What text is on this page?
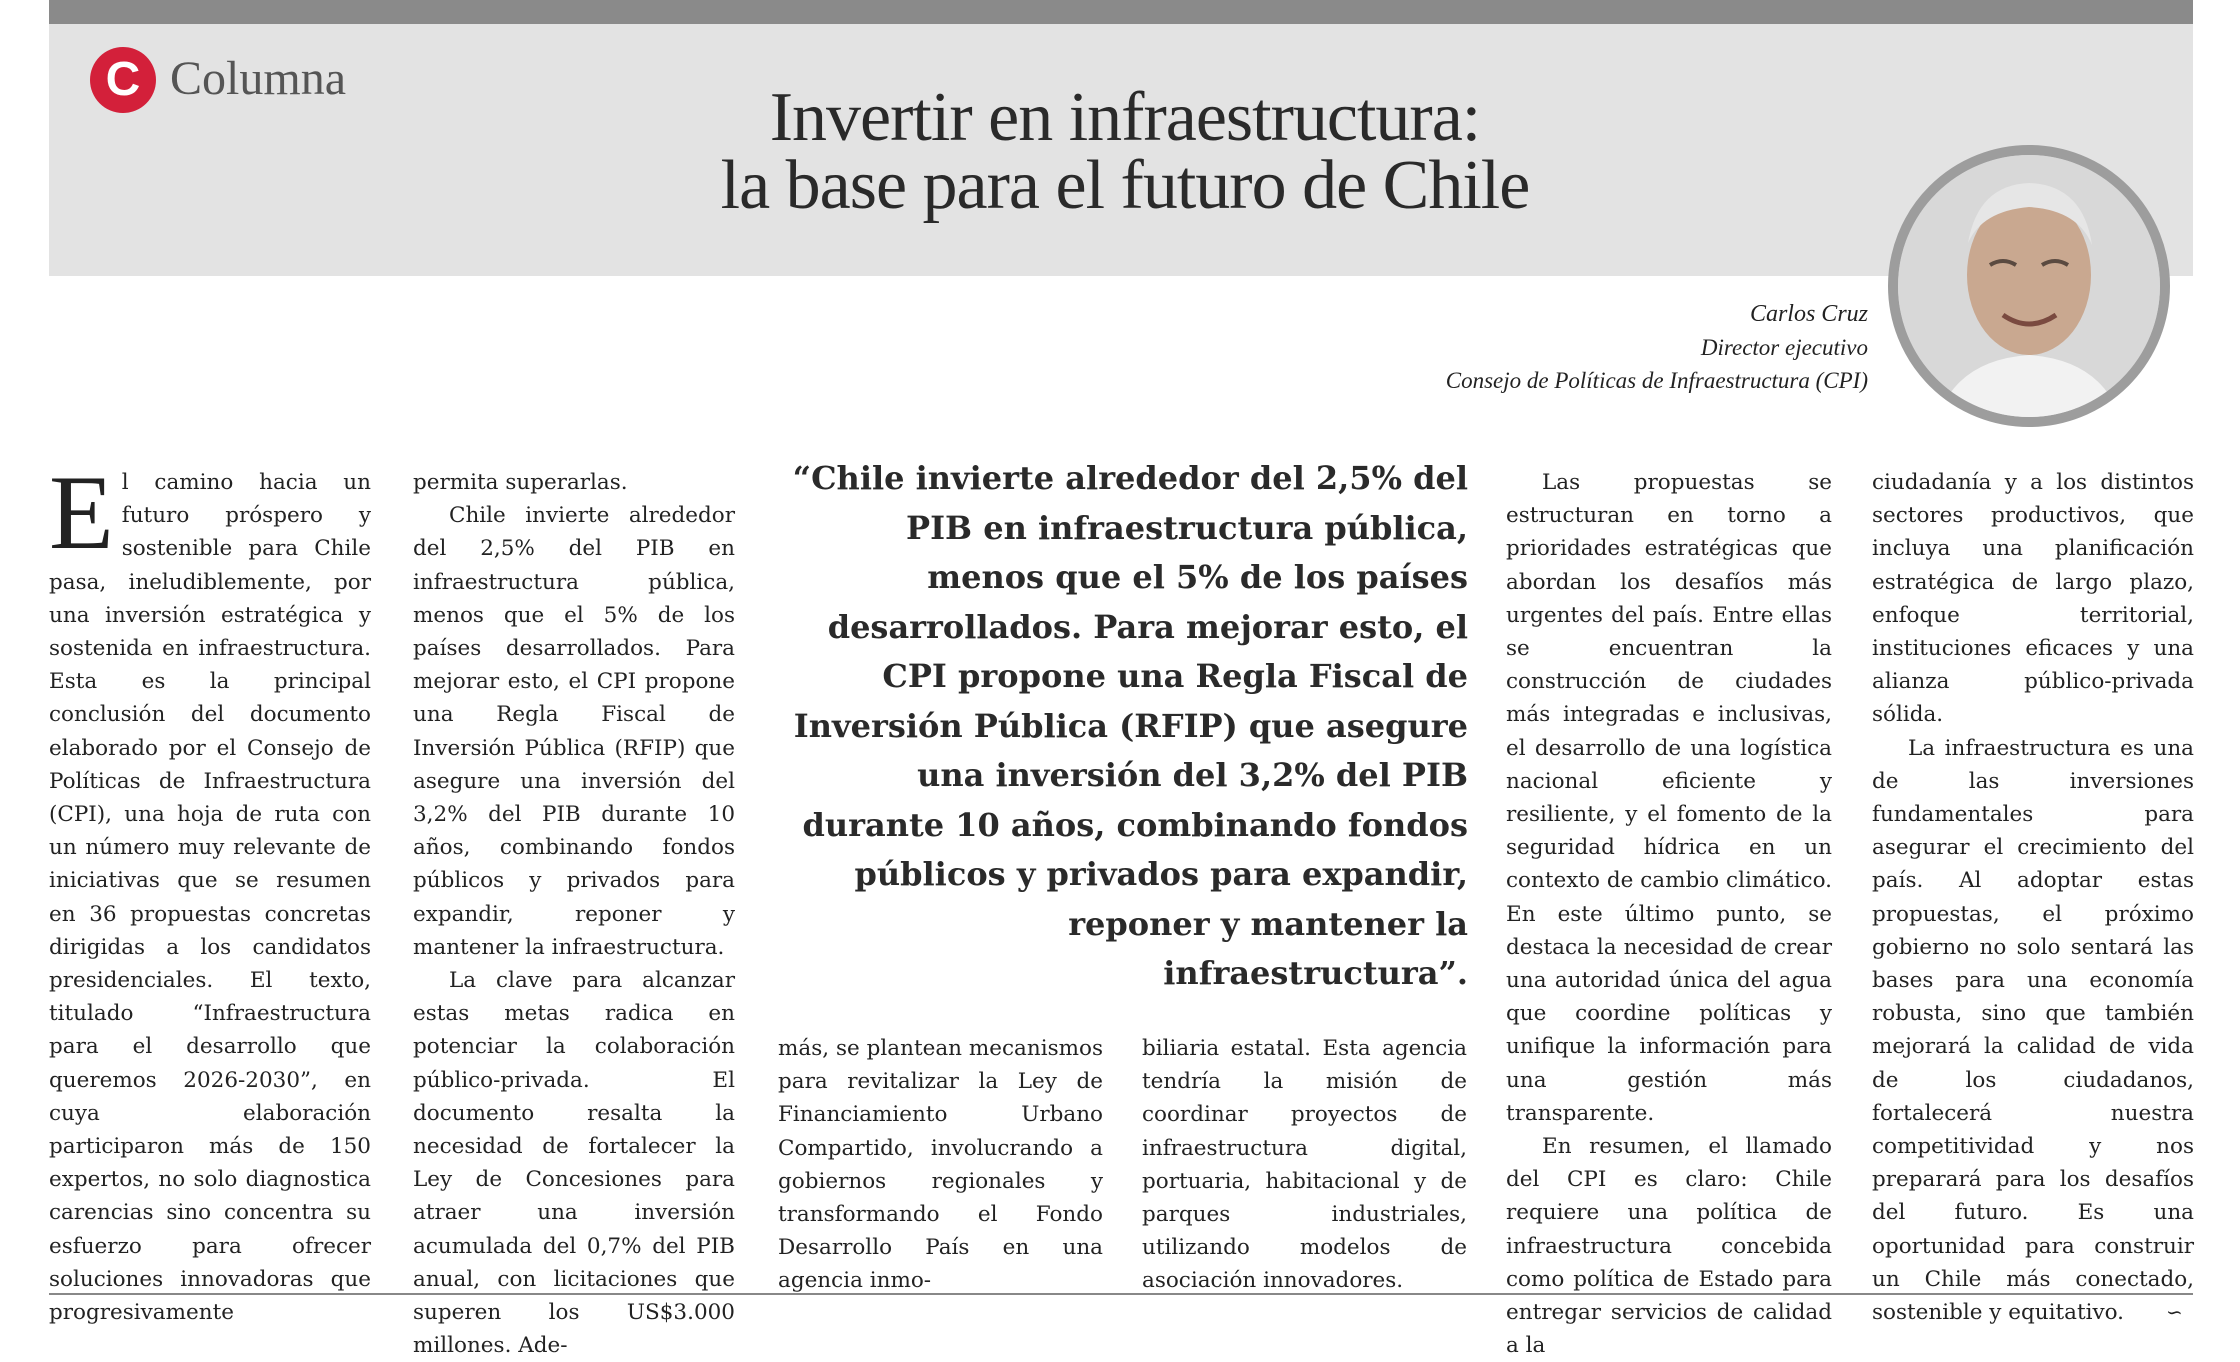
C Columna
Invertir en infraestructura:
la base para el futuro de Chile
Carlos Cruz
Director ejecutivo
Consejo de Políticas de Infraestructura (CPI)

El camino hacia un futuro próspero y sostenible para Chile pasa, ineludiblemente, por una inversión estratégica y sostenida en infraestructura. Esta es la principal conclusión del documento elaborado por el Consejo de Políticas de Infraestructura (CPI), una hoja de ruta con un número muy relevante de iniciativas que se resumen en 36 propuestas concretas dirigidas a los candidatos presidenciales. El texto, titulado “Infraestructura para el desarrollo que queremos 2026-2030”, en cuya elaboración participaron más de 150 expertos, no solo diagnostica carencias sino concentra su esfuerzo para ofrecer soluciones innovadoras que progresivamente

permita superarlas.

Chile invierte alrededor del 2,5% del PIB en infraestructura pública, menos que el 5% de los países desarrollados. Para mejorar esto, el CPI propone una Regla Fiscal de Inversión Pública (RFIP) que asegure una inversión del 3,2% del PIB durante 10 años, combinando fondos públicos y privados para expandir, reponer y mantener la infraestructura.

La clave para alcanzar estas metas radica en potenciar la colaboración público-privada. El documento resalta la necesidad de fortalecer la Ley de Concesiones para atraer una inversión acumulada del 0,7% del PIB anual, con licitaciones que superen los US$3.000 millones. Ade-

“Chile invierte alrededor del 2,5% del PIB en infraestructura pública, menos que el 5% de los países desarrollados. Para mejorar esto, el CPI propone una Regla Fiscal de Inversión Pública (RFIP) que asegure una inversión del 3,2% del PIB durante 10 años, combinando fondos públicos y privados para expandir, reponer y mantener la infraestructura”.

más, se plantean mecanismos para revitalizar la Ley de Financiamiento Urbano Compartido, involucrando a gobiernos regionales y transformando el Fondo Desarrollo País en una agencia inmo-

biliaria estatal. Esta agencia tendría la misión de coordinar proyectos de infraestructura digital, portuaria, habitacional y de parques industriales, utilizando modelos de asociación innovadores.

Las propuestas se estructuran en torno a prioridades estratégicas que abordan los desafíos más urgentes del país. Entre ellas se encuentran la construcción de ciudades más integradas e inclusivas, el desarrollo de una logística nacional eficiente y resiliente, y el fomento de la seguridad hídrica en un contexto de cambio climático. En este último punto, se destaca la necesidad de crear una autoridad única del agua que coordine políticas y unifique la información para una gestión más transparente.

En resumen, el llamado del CPI es claro: Chile requiere una política de infraestructura concebida como política de Estado para entregar servicios de calidad a la

ciudadanía y a los distintos sectores productivos, que incluya una planificación estratégica de largo plazo, enfoque territorial, instituciones eficaces y una alianza público-privada sólida.

La infraestructura es una de las inversiones fundamentales para asegurar el crecimiento del país. Al adoptar estas propuestas, el próximo gobierno no solo sentará las bases para una economía robusta, sino que también mejorará la calidad de vida de los ciudadanos, fortalecerá nuestra competitividad y nos preparará para los desafíos del futuro. Es una oportunidad para construir un Chile más conectado, sostenible y equitativo. ∽
